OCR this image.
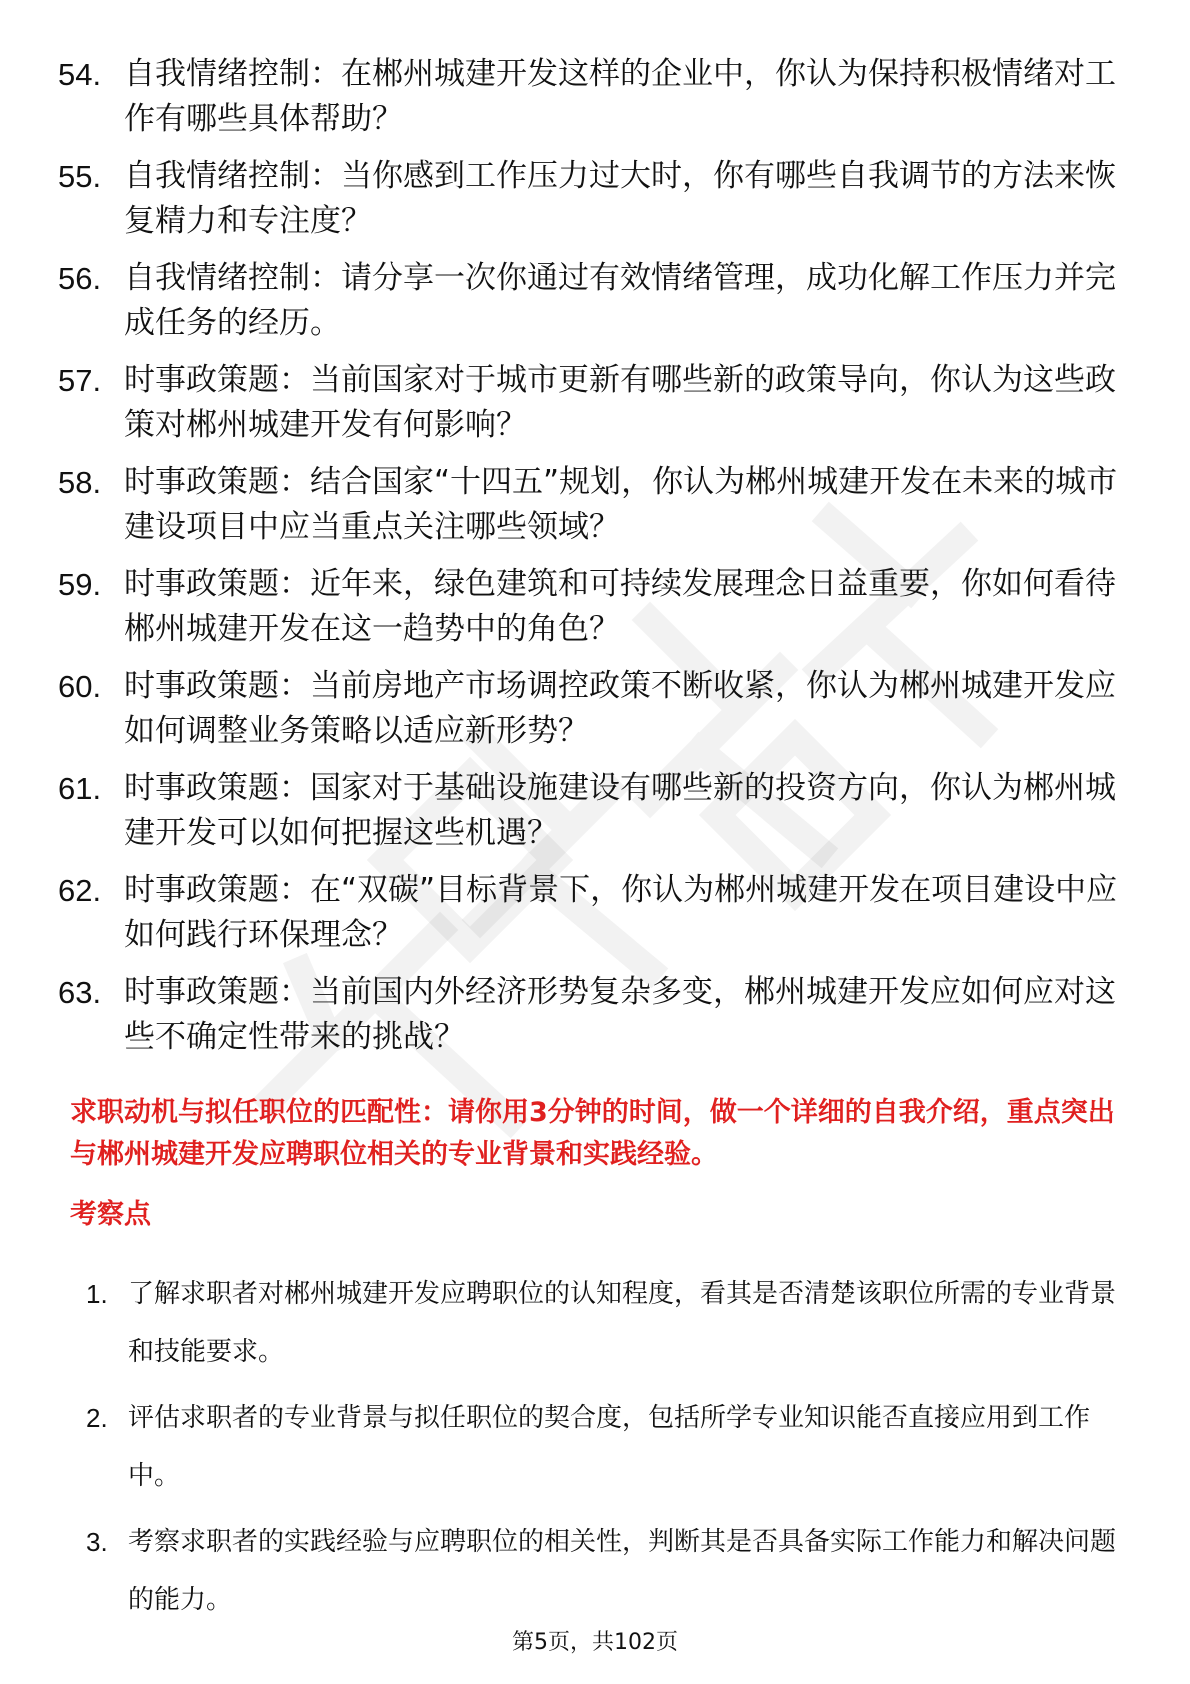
54. 自我情绪控制：在郴州城建开发这样的企业中，你认为保持积极情绪对工作有哪些具体帮助？
55. 自我情绪控制：当你感到工作压力过大时，你有哪些自我调节的方法来恢复精力和专注度？
56. 自我情绪控制：请分享一次你通过有效情绪管理，成功化解工作压力并完成任务的经历。
57. 时事政策题：当前国家对于城市更新有哪些新的政策导向，你认为这些政策对郴州城建开发有何影响？
58. 时事政策题：结合国家“十四五”规划，你认为郴州城建开发在未来的城市建设项目中应当重点关注哪些领域？
59. 时事政策题：近年来，绿色建筑和可持续发展理念日益重要，你如何看待郴州城建开发在这一趋势中的角色？
60. 时事政策题：当前房地产市场调控政策不断收紧，你认为郴州城建开发应如何调整业务策略以适应新形势？
61. 时事政策题：国家对于基础设施建设有哪些新的投资方向，你认为郴州城建开发可以如何把握这些机遇？
62. 时事政策题：在“双碳”目标背景下，你认为郴州城建开发在项目建设中应如何践行环保理念？
63. 时事政策题：当前国内外经济形势复杂多变，郴州城建开发应如何应对这些不确定性带来的挑战？
求职动机与拟任职位的匹配性：请你用3分钟的时间，做一个详细的自我介绍，重点突出与郴州城建开发应聘职位相关的专业背景和实践经验。
考察点
1. 了解求职者对郴州城建开发应聘职位的认知程度，看其是否清楚该职位所需的专业背景和技能要求。
2. 评估求职者的专业背景与拟任职位的契合度，包括所学专业知识能否直接应用到工作中。
3. 考察求职者的实践经验与应聘职位的相关性，判断其是否具备实际工作能力和解决问题的能力。
第5页，共102页
